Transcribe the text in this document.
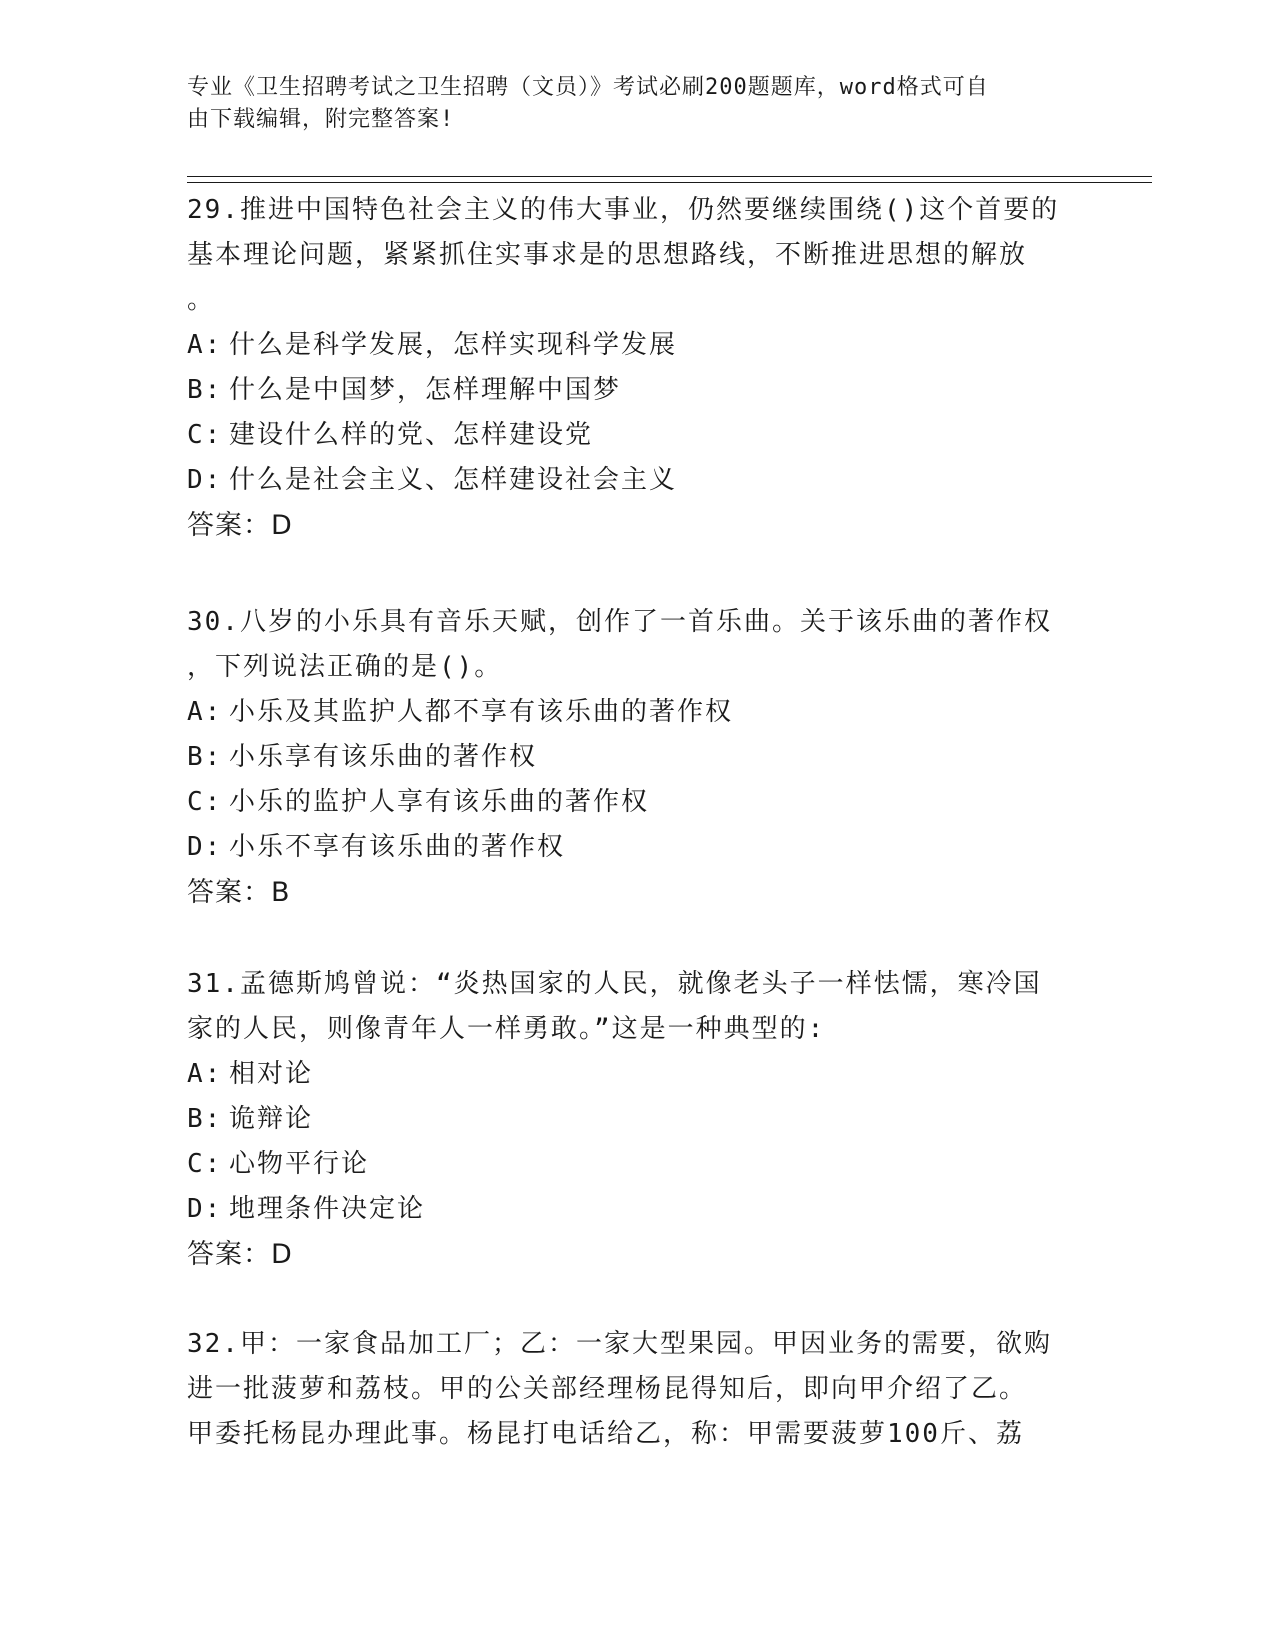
专业《卫生招聘考试之卫生招聘（文员）》考试必刷200题题库，word格式可自
由下载编辑，附完整答案!
29.推进中国特色社会主义的伟大事业，仍然要继续围绕()这个首要的
基本理论问题，紧紧抓住实事求是的思想路线，不断推进思想的解放
。
A: 什么是科学发展，怎样实现科学发展
B: 什么是中国梦，怎样理解中国梦
C: 建设什么样的党、怎样建设党
D: 什么是社会主义、怎样建设社会主义
答案：D
30.八岁的小乐具有音乐天赋，创作了一首乐曲。关于该乐曲的著作权
，下列说法正确的是()。
A: 小乐及其监护人都不享有该乐曲的著作权
B: 小乐享有该乐曲的著作权
C: 小乐的监护人享有该乐曲的著作权
D: 小乐不享有该乐曲的著作权
答案：B
31.孟德斯鸠曾说：“炎热国家的人民，就像老头子一样怯懦，寒冷国
家的人民，则像青年人一样勇敢。”这是一种典型的:
A: 相对论
B: 诡辩论
C: 心物平行论
D: 地理条件决定论
答案：D
32.甲：一家食品加工厂；乙：一家大型果园。甲因业务的需要，欲购
进一批菠萝和荔枝。甲的公关部经理杨昆得知后，即向甲介绍了乙。
甲委托杨昆办理此事。杨昆打电话给乙，称：甲需要菠萝100斤、荔
